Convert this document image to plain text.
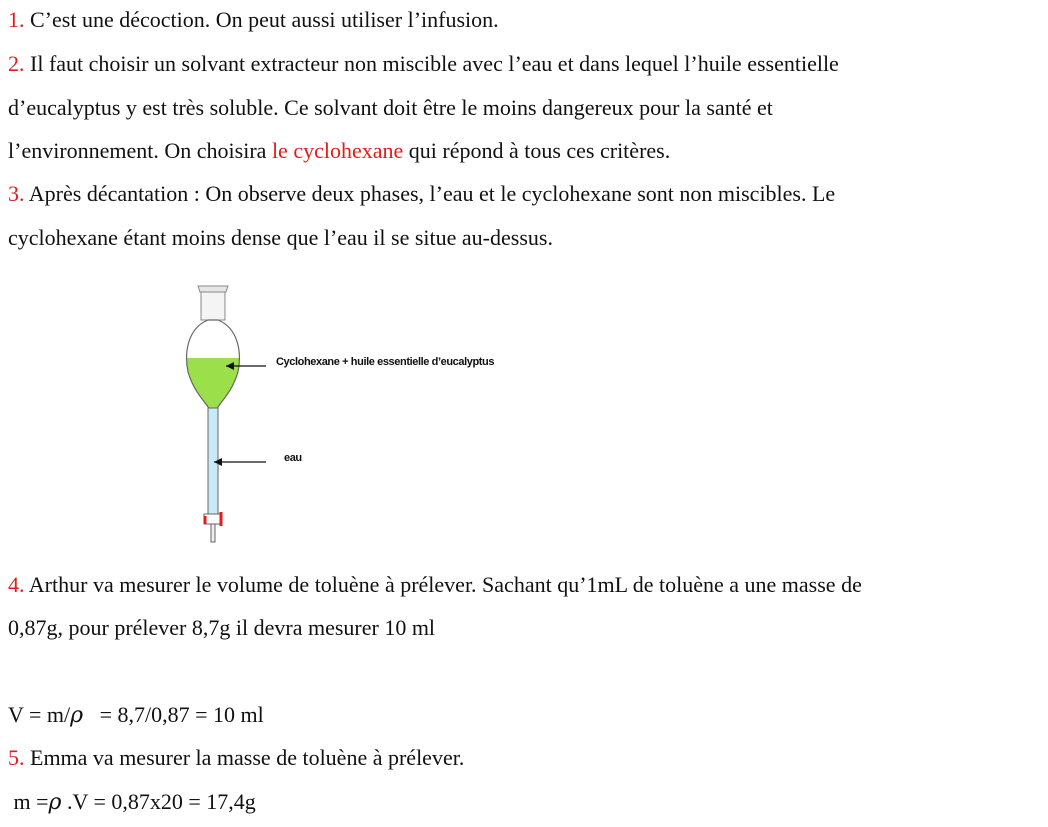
1. C’est une décoction. On peut aussi utiliser l’infusion.
2. Il faut choisir un solvant extracteur non miscible avec l’eau et dans lequel l’huile essentielle
d’eucalyptus y est très soluble. Ce solvant doit être le moins dangereux pour la santé et
l’environnement. On choisira le cyclohexane qui répond à tous ces critères.
3. Après décantation : On observe deux phases, l’eau et le cyclohexane sont non miscibles. Le
cyclohexane étant moins dense que l’eau il se situe au-dessus.
Cyclohexane + huile essentielle d’eucalyptus
eau
4. Arthur va mesurer le volume de toluène à prélever. Sachant qu’1mL de toluène a une masse de
0,87g, pour prélever 8,7g il devra mesurer 10 ml
V = m/ρ   = 8,7/0,87 = 10 ml
5. Emma va mesurer la masse de toluène à prélever.
m =ρ .V = 0,87x20 = 17,4g
